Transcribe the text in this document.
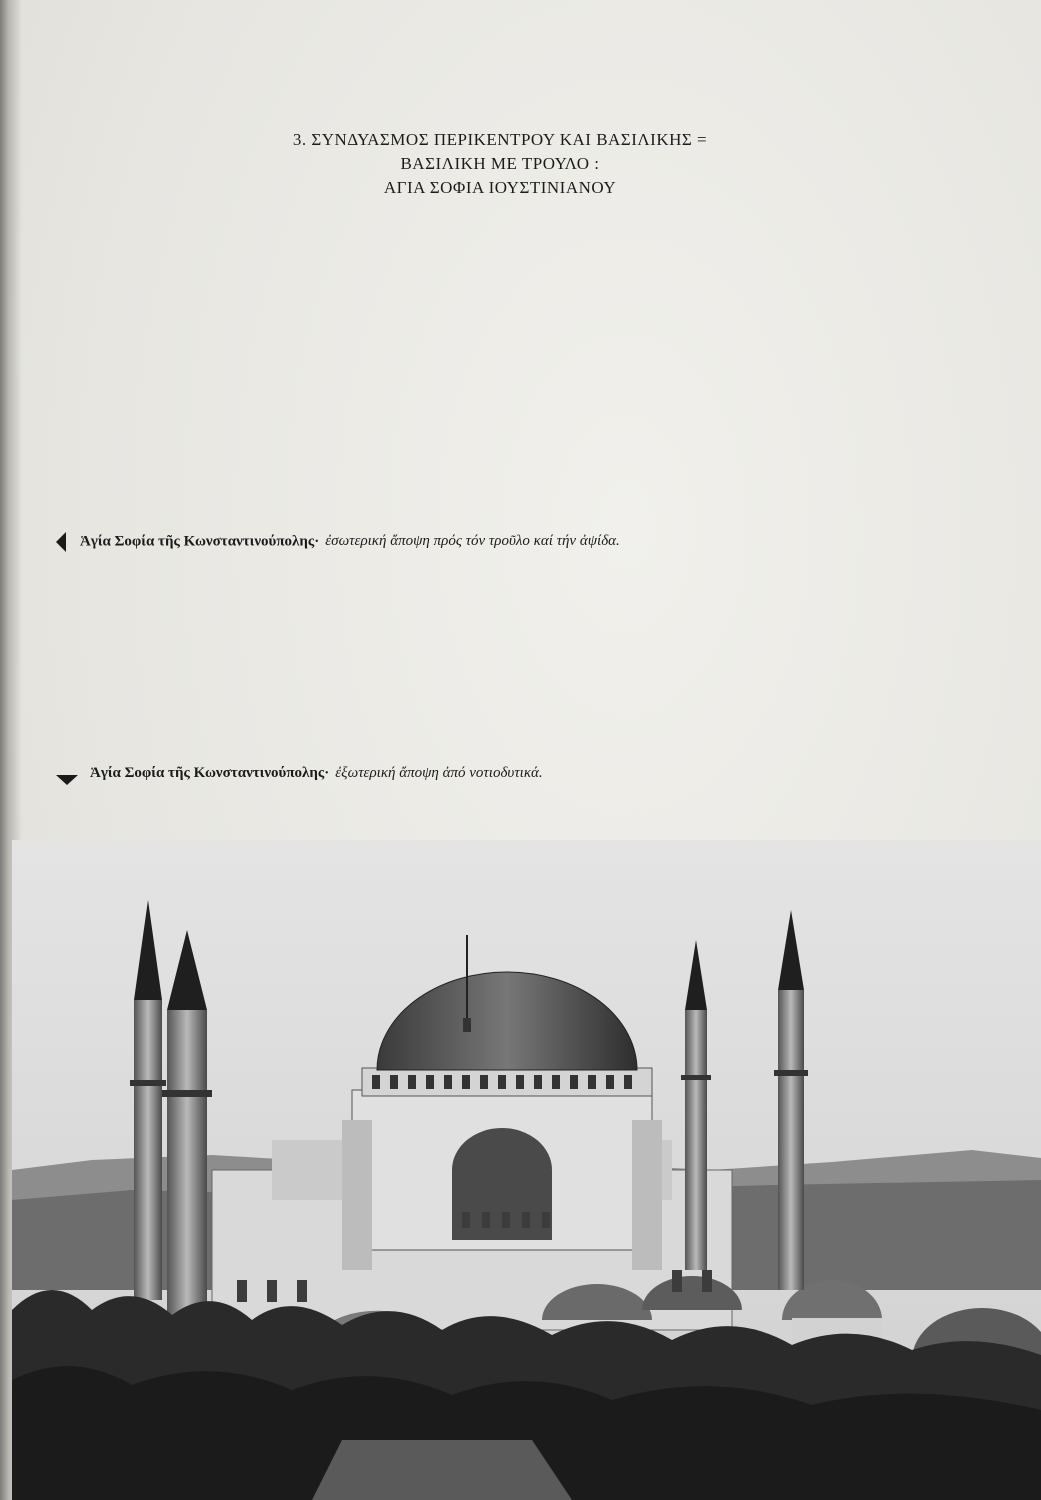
3. ΣΥΝΔΥΑΣΜΟΣ ΠΕΡΙΚΕΝΤΡΟΥ ΚΑΙ ΒΑΣΙΛΙΚΗΣ =
ΒΑΣΙΛΙΚΗ ΜΕ ΤΡΟΥΛΟ :
ΑΓΙΑ ΣΟΦΙΑ ΙΟΥΣΤΙΝΙΑΝΟΥ
Ἁγία Σοφία τῆς Κωνσταντινούπολης· ἐσωτερική ἄποψη πρός τόν τροῦλο καί τήν ἀψίδα.
Ἁγία Σοφία τῆς Κωνσταντινούπολης· ἐξωτερική ἄποψη ἀπό νοτιοδυτικά.
